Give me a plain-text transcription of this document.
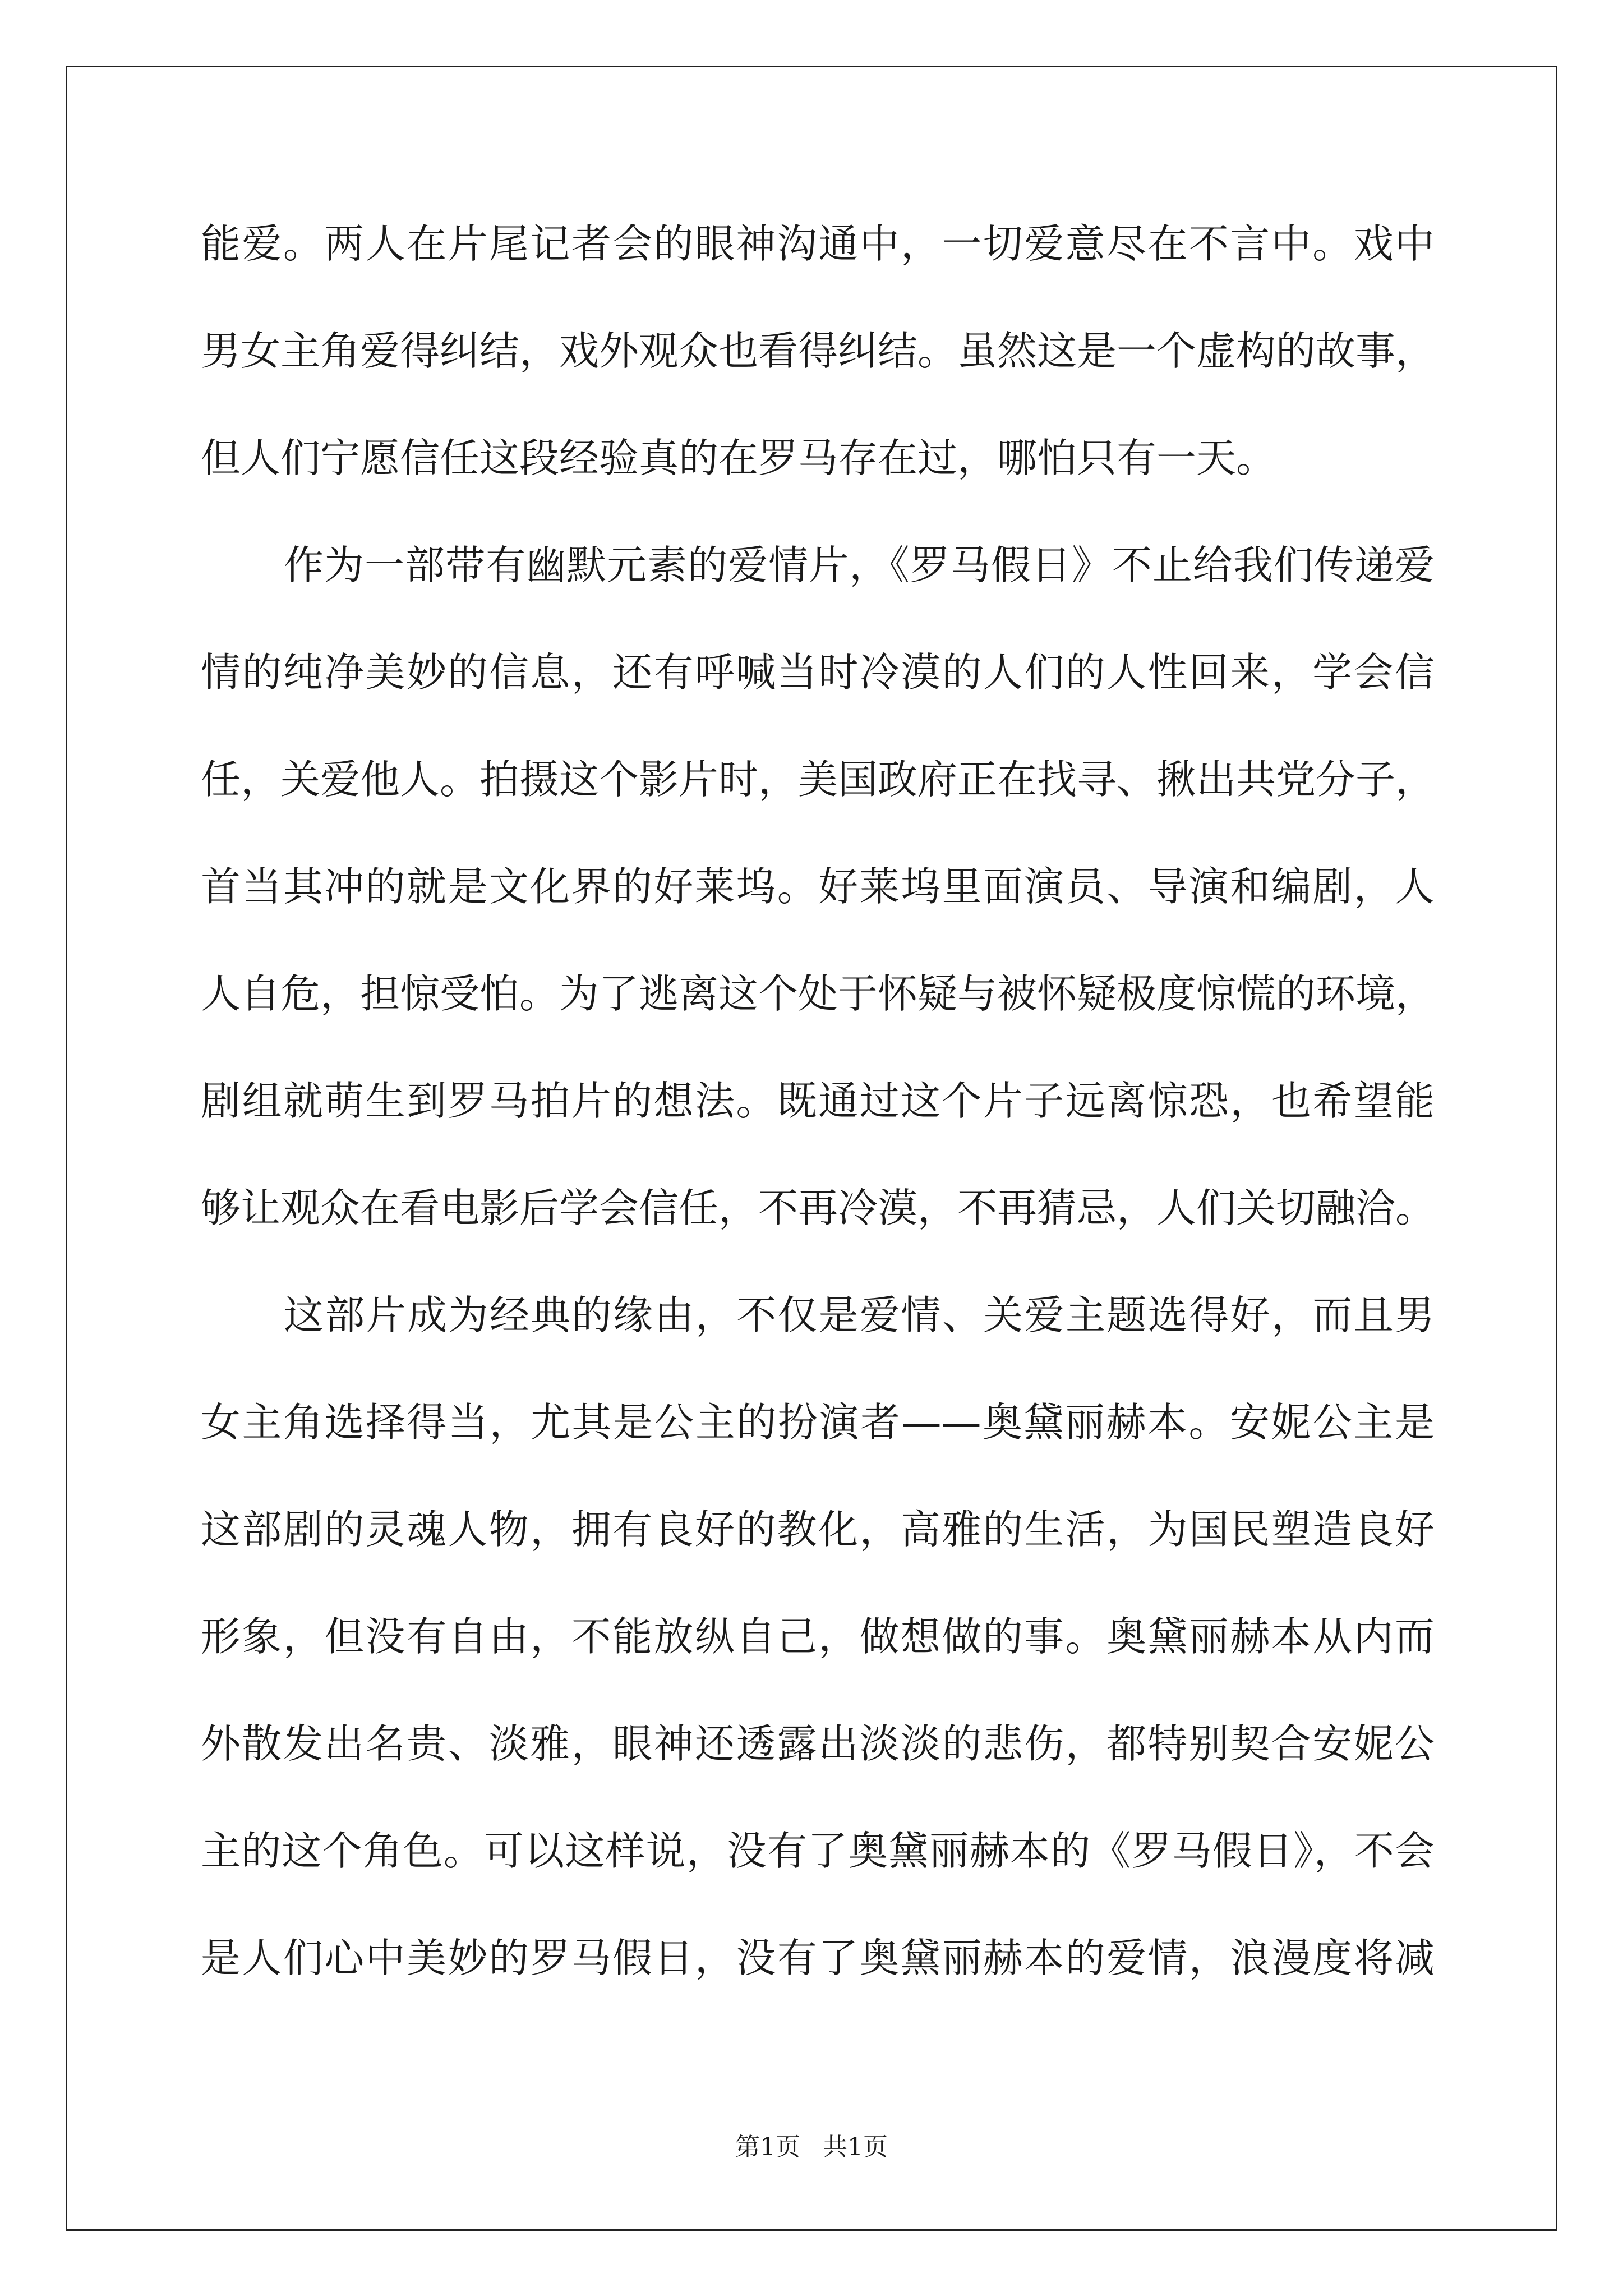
能爱。两人在片尾记者会的眼神沟通中，一切爱意尽在不言中。戏中
男女主角爱得纠结，戏外观众也看得纠结。虽然这是一个虚构的故事，
但人们宁愿信任这段经验真的在罗马存在过，哪怕只有一天。
作为一部带有幽默元素的爱情片，《罗马假日》不止给我们传递爱
情的纯净美妙的信息，还有呼喊当时冷漠的人们的人性回来，学会信
任，关爱他人。拍摄这个影片时，美国政府正在找寻、揪出共党分子，
首当其冲的就是文化界的好莱坞。好莱坞里面演员、导演和编剧，人
人自危，担惊受怕。为了逃离这个处于怀疑与被怀疑极度惊慌的环境，
剧组就萌生到罗马拍片的想法。既通过这个片子远离惊恐，也希望能
够让观众在看电影后学会信任，不再冷漠，不再猜忌，人们关切融洽。
这部片成为经典的缘由，不仅是爱情、关爱主题选得好，而且男
女主角选择得当，尤其是公主的扮演者——奥黛丽赫本。安妮公主是
这部剧的灵魂人物，拥有良好的教化，高雅的生活，为国民塑造良好
形象，但没有自由，不能放纵自己，做想做的事。奥黛丽赫本从内而
外散发出名贵、淡雅，眼神还透露出淡淡的悲伤，都特别契合安妮公
主的这个角色。可以这样说，没有了奥黛丽赫本的《罗马假日》，不会
是人们心中美妙的罗马假日，没有了奥黛丽赫本的爱情，浪漫度将减
第1页 共1页
